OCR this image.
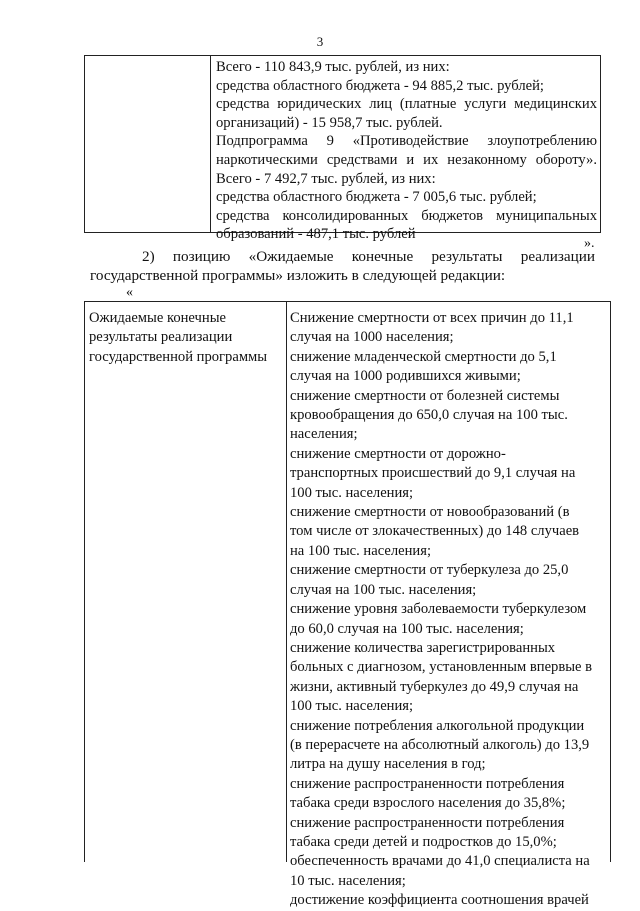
3
Всего - 110 843,9 тыс. рублей, из них:
средства областного бюджета - 94 885,2 тыс. рублей;
средства юридических лиц (платные услуги медицинских
организаций) - 15 958,7 тыс. рублей.
Подпрограмма 9 «Противодействие злоупотреблению
наркотическими средствами и их незаконному обороту».
Всего - 7 492,7 тыс. рублей, из них:
средства областного бюджета - 7 005,6 тыс. рублей;
средства консолидированных бюджетов муниципальных
образований - 487,1 тыс. рублей
».
2) позицию «Ожидаемые конечные результаты реализации
государственной программы» изложить в следующей редакции:
«
Ожидаемые конечные
результаты реализации
государственной программы
Снижение смертности от всех причин до 11,1
случая на 1000 населения;
снижение младенческой смертности до 5,1
случая на 1000 родившихся живыми;
снижение смертности от болезней системы
кровообращения до 650,0 случая на 100 тыс.
населения;
снижение смертности от дорожно-
транспортных происшествий до 9,1 случая на
100 тыс. населения;
снижение смертности от новообразований (в
том числе от злокачественных) до 148 случаев
на 100 тыс. населения;
снижение смертности от туберкулеза до 25,0
случая на 100 тыс. населения;
снижение уровня заболеваемости туберкулезом
до 60,0 случая на 100 тыс. населения;
снижение количества зарегистрированных
больных с диагнозом, установленным впервые в
жизни, активный туберкулез до 49,9 случая на
100 тыс. населения;
снижение потребления алкогольной продукции
(в перерасчете на абсолютный алкоголь) до 13,9
литра на душу населения в год;
снижение распространенности потребления
табака среди взрослого населения до 35,8%;
снижение распространенности потребления
табака среди детей и подростков до 15,0%;
обеспеченность врачами до 41,0 специалиста на
10 тыс. населения;
достижение коэффициента соотношения врачей
